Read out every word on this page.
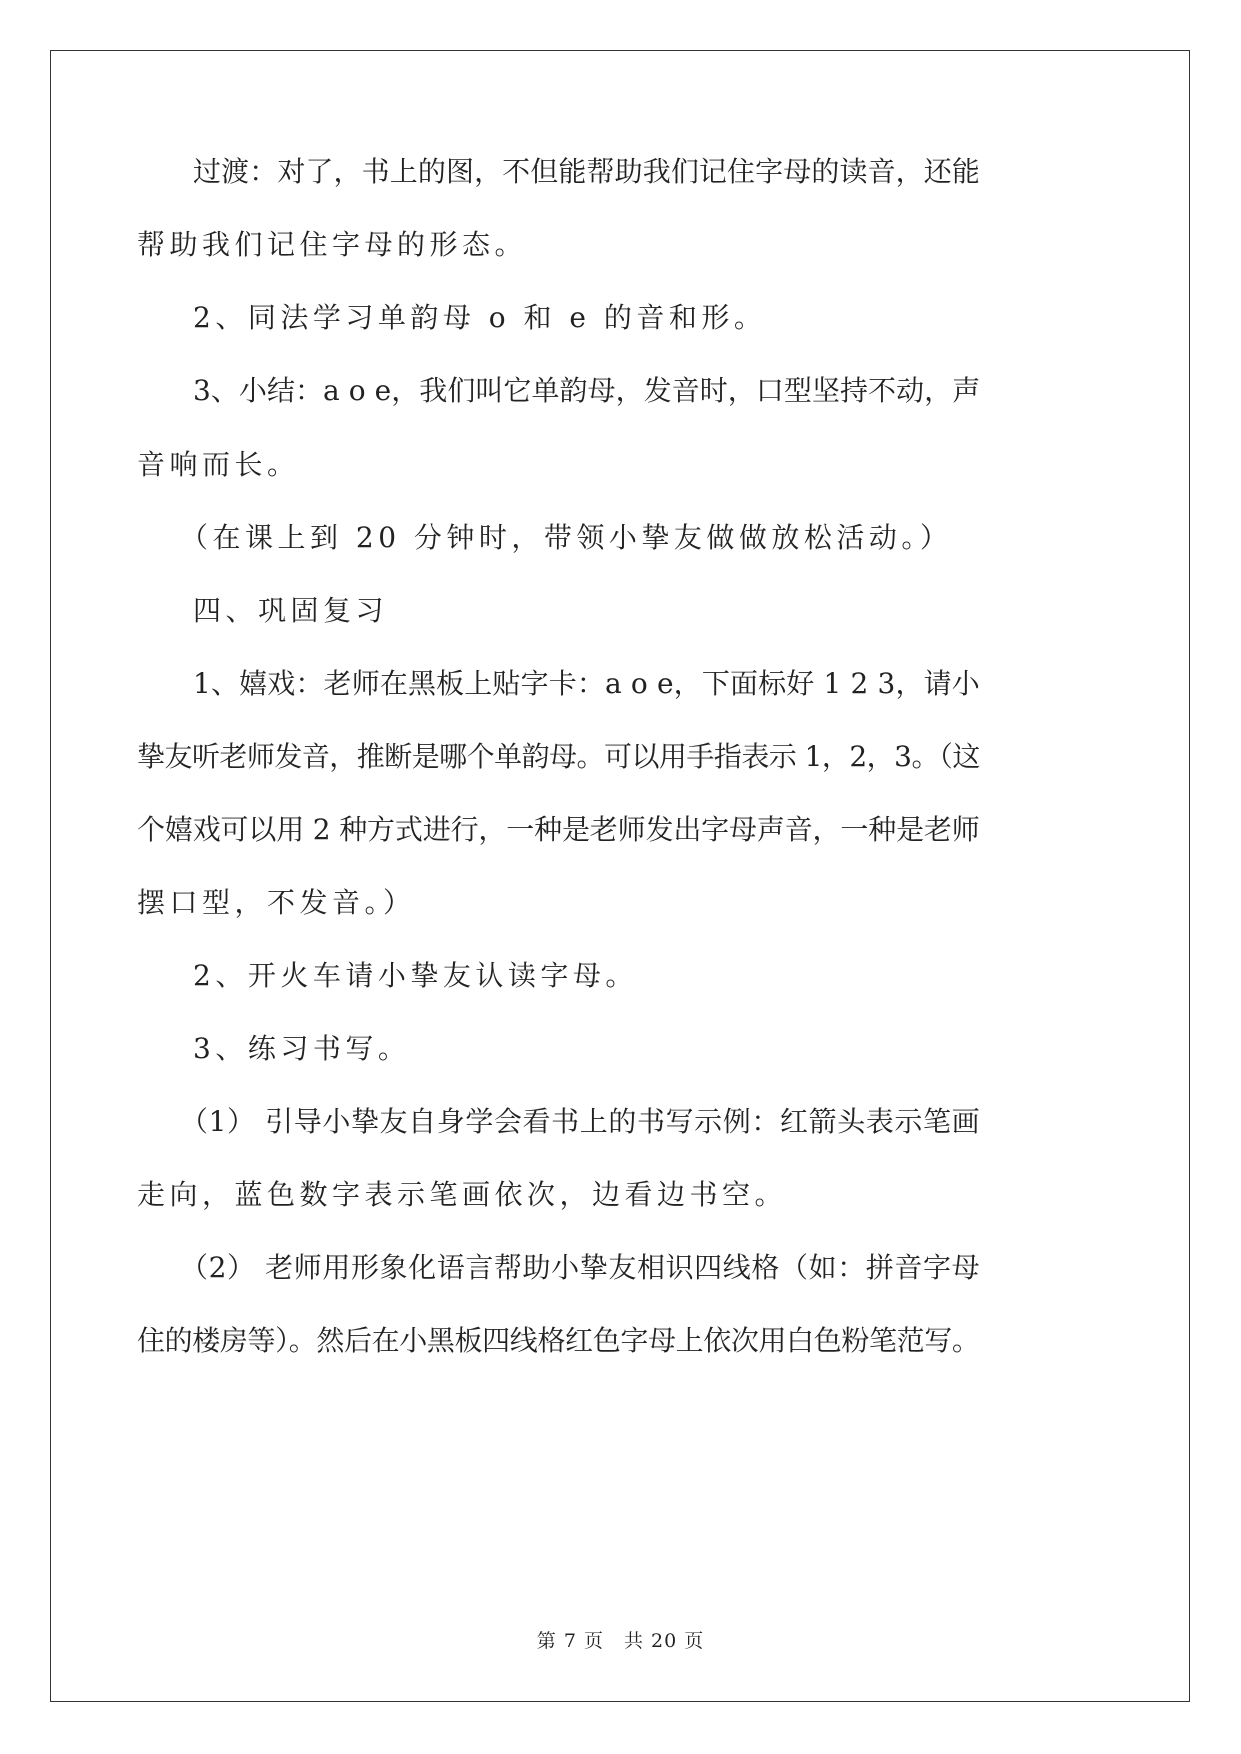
过渡：对了，书上的图，不但能帮助我们记住字母的读音，还能
帮助我们记住字母的形态。
2、同法学习单韵母 o 和 e 的音和形。
3、小结：a o e，我们叫它单韵母，发音时，口型坚持不动，声
音响而长。
（在课上到 20 分钟时，带领小挚友做做放松活动。）
四、巩固复习
1、嬉戏：老师在黑板上贴字卡：a o e，下面标好 1 2 3，请小
挚友听老师发音，推断是哪个单韵母。可以用手指表示 1，2，3。（这
个嬉戏可以用 2 种方式进行，一种是老师发出字母声音，一种是老师
摆口型，不发音。）
2、开火车请小挚友认读字母。
3、练习书写。
（1） 引导小挚友自身学会看书上的书写示例：红箭头表示笔画
走向，蓝色数字表示笔画依次，边看边书空。
（2） 老师用形象化语言帮助小挚友相识四线格（如：拼音字母
住的楼房等）。然后在小黑板四线格红色字母上依次用白色粉笔范写。
第 7 页　共 20 页
